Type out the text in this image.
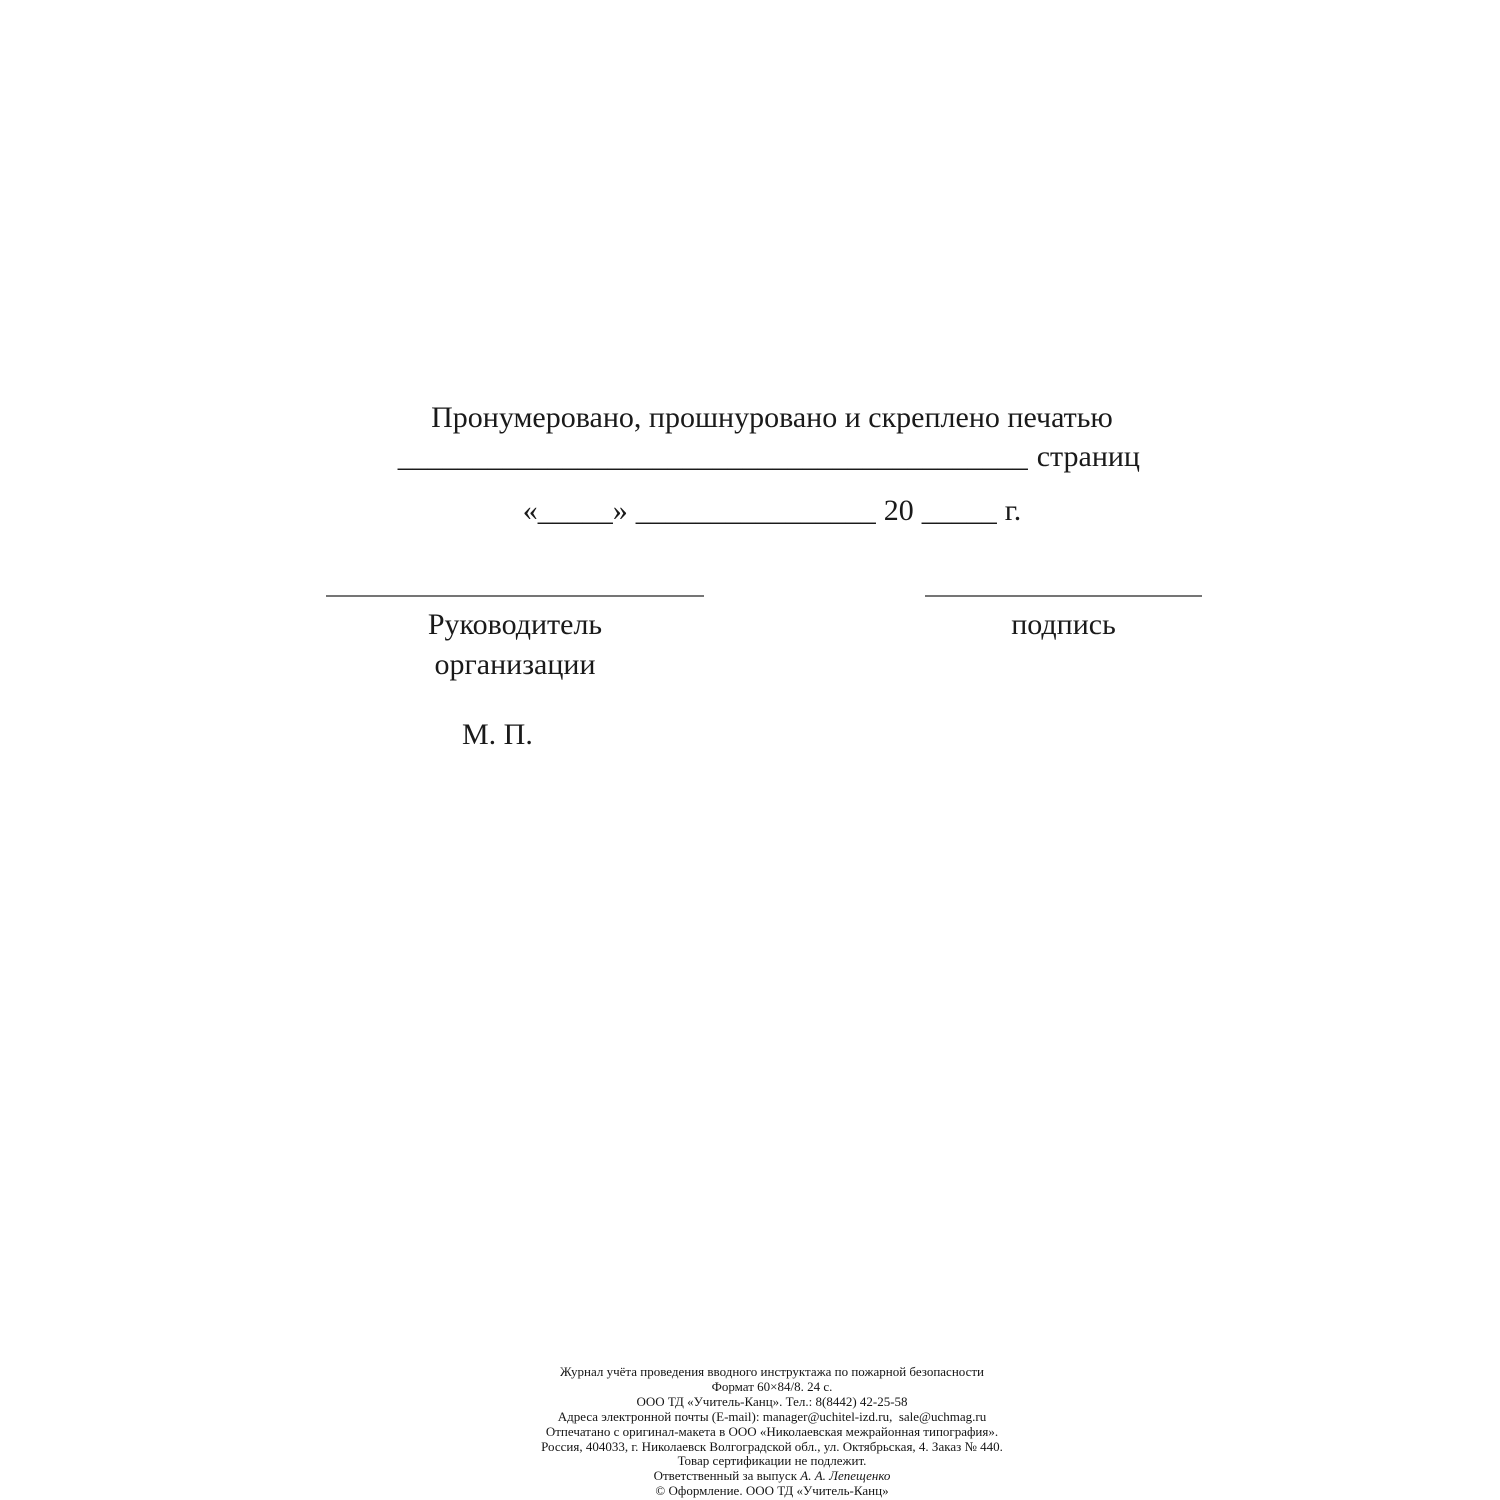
Пронумеровано, прошнуровано и скреплено печатью
__________________________________________ страниц
«_____» ________________ 20 _____ г.
Руководитель
организации
подпись
М. П.
Журнал учёта проведения вводного инструктажа по пожарной безопасности
Формат 60×84/8. 24 с.
ООО ТД «Учитель-Канц». Тел.: 8(8442) 42-25-58
Адреса электронной почты (E-mail): manager@uchitel-izd.ru,  sale@uchmag.ru
Отпечатано с оригинал-макета в ООО «Николаевская межрайонная типография».
Россия, 404033, г. Николаевск Волгоградской обл., ул. Октябрьская, 4. Заказ № 440.
Товар сертификации не подлежит.
Ответственный за выпуск А. А. Лепещенко
© Оформление. ООО ТД «Учитель-Канц»
